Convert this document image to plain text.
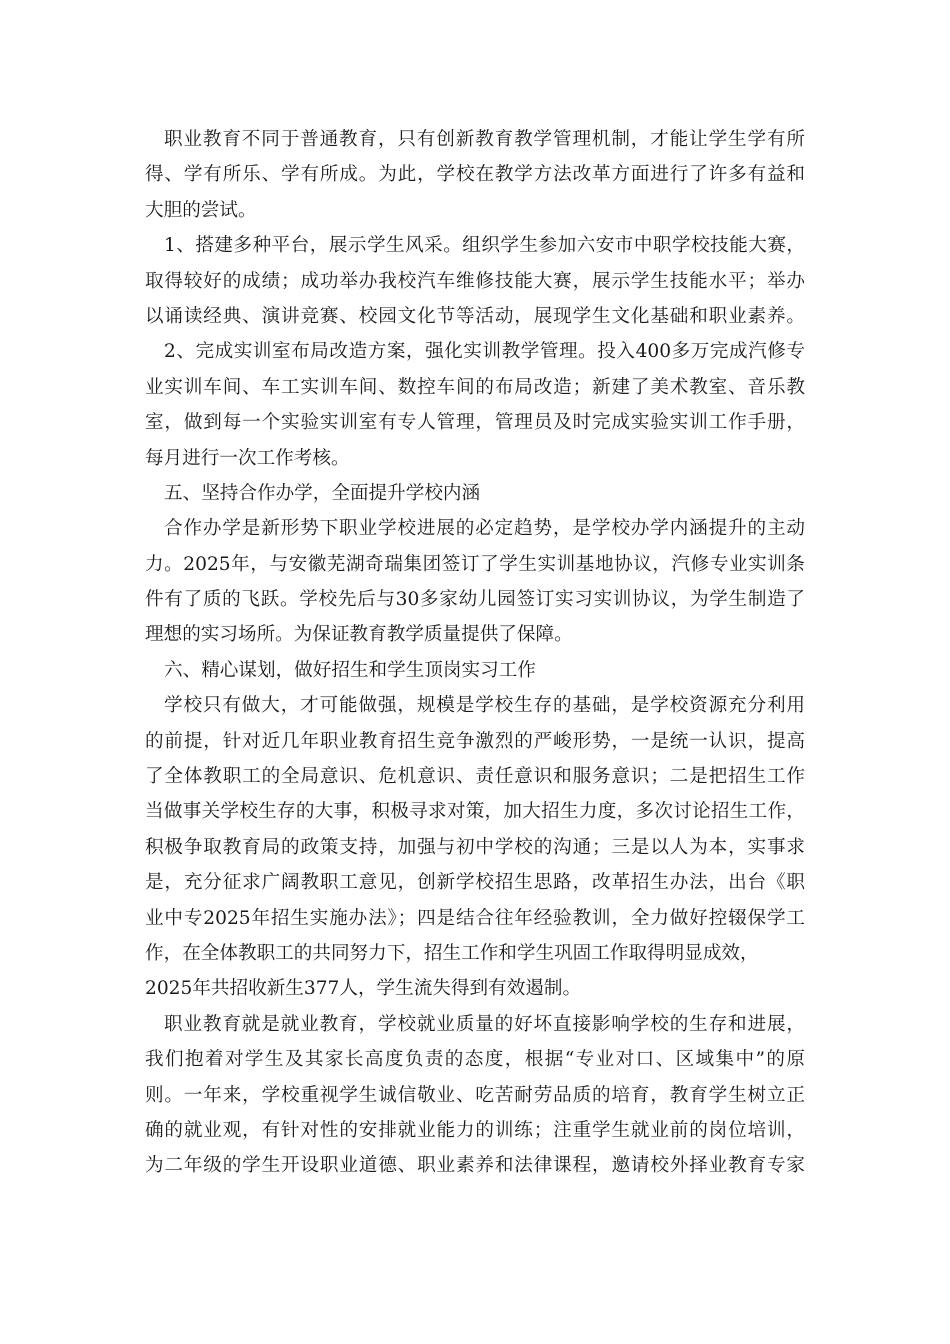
职业教育不同于普通教育，只有创新教育教学管理机制，才能让学生学有所
得、学有所乐、学有所成。为此，学校在教学方法改革方面进行了许多有益和
大胆的尝试。
1、搭建多种平台，展示学生风采。组织学生参加六安市中职学校技能大赛，
取得较好的成绩；成功举办我校汽车维修技能大赛，展示学生技能水平；举办
以诵读经典、演讲竞赛、校园文化节等活动，展现学生文化基础和职业素养。
2、完成实训室布局改造方案，强化实训教学管理。投入400多万完成汽修专
业实训车间、车工实训车间、数控车间的布局改造；新建了美术教室、音乐教
室，做到每一个实验实训室有专人管理，管理员及时完成实验实训工作手册，
每月进行一次工作考核。
五、坚持合作办学，全面提升学校内涵
合作办学是新形势下职业学校进展的必定趋势，是学校办学内涵提升的主动
力。2025年，与安徽芜湖奇瑞集团签订了学生实训基地协议，汽修专业实训条
件有了质的飞跃。学校先后与30多家幼儿园签订实习实训协议，为学生制造了
理想的实习场所。为保证教育教学质量提供了保障。
六、精心谋划，做好招生和学生顶岗实习工作
学校只有做大，才可能做强，规模是学校生存的基础，是学校资源充分利用
的前提，针对近几年职业教育招生竞争激烈的严峻形势，一是统一认识，提高
了全体教职工的全局意识、危机意识、责任意识和服务意识；二是把招生工作
当做事关学校生存的大事，积极寻求对策，加大招生力度，多次讨论招生工作，
积极争取教育局的政策支持，加强与初中学校的沟通；三是以人为本，实事求
是，充分征求广阔教职工意见，创新学校招生思路，改革招生办法，出台《职
业中专2025年招生实施办法》；四是结合往年经验教训，全力做好控辍保学工
作，在全体教职工的共同努力下，招生工作和学生巩固工作取得明显成效，
2025年共招收新生377人，学生流失得到有效遏制。
职业教育就是就业教育，学校就业质量的好坏直接影响学校的生存和进展，
我们抱着对学生及其家长高度负责的态度，根据“专业对口、区域集中”的原
则。一年来，学校重视学生诚信敬业、吃苦耐劳品质的培育，教育学生树立正
确的就业观，有针对性的安排就业能力的训练；注重学生就业前的岗位培训，
为二年级的学生开设职业道德、职业素养和法律课程，邀请校外择业教育专家
